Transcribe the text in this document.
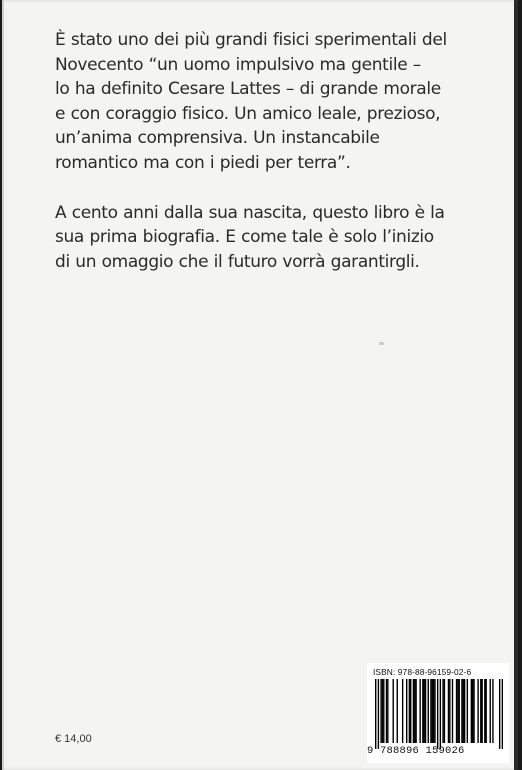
È stato uno dei più grandi fisici sperimentali del
Novecento “un uomo impulsivo ma gentile –
lo ha definito Cesare Lattes – di grande morale
e con coraggio fisico. Un amico leale, prezioso,
un’anima comprensiva. Un instancabile
romantico ma con i piedi per terra”.
A cento anni dalla sua nascita, questo libro è la
sua prima biografia. E come tale è solo l’inizio
di un omaggio che il futuro vorrà garantirgli.
€ 14,00
ISBN: 978-88-96159-02-6
9 788896 159026
